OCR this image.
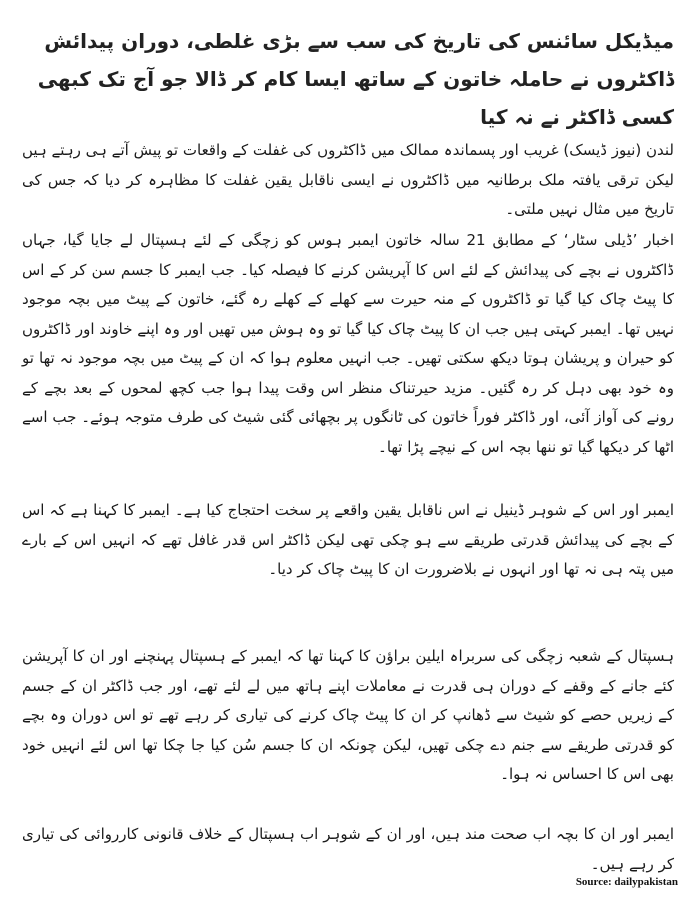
میڈیکل سائنس کی تاریخ کی سب سے بڑی غلطی، دوران پیدائش ڈاکٹروں نے حاملہ خاتون کے ساتھ ایسا کام کر ڈالا جو آج تک کبھی کسی ڈاکٹر نے نہ کیا

لندن (نیوز ڈیسک) غریب اور پسماندہ ممالک میں ڈاکٹروں کی غفلت کے واقعات تو پیش آتے ہی رہتے ہیں لیکن ترقی یافتہ ملک برطانیہ میں ڈاکٹروں نے ایسی ناقابل یقین غفلت کا مظاہرہ کر دیا کہ جس کی تاریخ میں مثال نہیں ملتی۔

اخبار ’ڈیلی سٹار‘ کے مطابق 21 سالہ خاتون ایمبر ہوس کو زچگی کے لئے ہسپتال لے جایا گیا، جہاں ڈاکٹروں نے بچے کی پیدائش کے لئے اس کا آپریشن کرنے کا فیصلہ کیا۔ جب ایمبر کا جسم سن کر کے اس کا پیٹ چاک کیا گیا تو ڈاکٹروں کے منہ حیرت سے کھلے کے کھلے رہ گئے، خاتون کے پیٹ میں بچہ موجود نہیں تھا۔ ایمبر کہتی ہیں جب ان کا پیٹ چاک کیا گیا تو وہ ہوش میں تھیں اور وہ اپنے خاوند اور ڈاکٹروں کو حیران و پریشان ہوتا دیکھ سکتی تھیں۔ جب انہیں معلوم ہوا کہ ان کے پیٹ میں بچہ موجود نہ تھا تو وہ خود بھی دہل کر رہ گئیں۔ مزید حیرتناک منظر اس وقت پیدا ہوا جب کچھ لمحوں کے بعد بچے کے رونے کی آواز آئی، اور ڈاکٹر فوراً خاتون کی ٹانگوں پر بچھائی گئی شیٹ کی طرف متوجہ ہوئے۔ جب اسے اٹھا کر دیکھا گیا تو ننھا بچہ اس کے نیچے پڑا تھا۔

ایمبر اور اس کے شوہر ڈینیل نے اس ناقابل یقین واقعے پر سخت احتجاج کیا ہے۔ ایمبر کا کہنا ہے کہ اس کے بچے کی پیدائش قدرتی طریقے سے ہو چکی تھی لیکن ڈاکٹر اس قدر غافل تھے کہ انہیں اس کے بارے میں پتہ ہی نہ تھا اور انہوں نے بلاضرورت ان کا پیٹ چاک کر دیا۔

ہسپتال کے شعبہ زچگی کی سربراہ ایلین براؤن کا کہنا تھا کہ ایمبر کے ہسپتال پہنچنے اور ان کا آپریشن کئے جانے کے وقفے کے دوران ہی قدرت نے معاملات اپنے ہاتھ میں لے لئے تھے، اور جب ڈاکٹر ان کے جسم کے زیریں حصے کو شیٹ سے ڈھانپ کر ان کا پیٹ چاک کرنے کی تیاری کر رہے تھے تو اس دوران وہ بچے کو قدرتی طریقے سے جنم دے چکی تھیں، لیکن چونکہ ان کا جسم سُن کیا جا چکا تھا اس لئے انہیں خود بھی اس کا احساس نہ ہوا۔

ایمبر اور ان کا بچہ اب صحت مند ہیں، اور ان کے شوہر اب ہسپتال کے خلاف قانونی کارروائی کی تیاری کر رہے ہیں۔

Source: dailypakistan
